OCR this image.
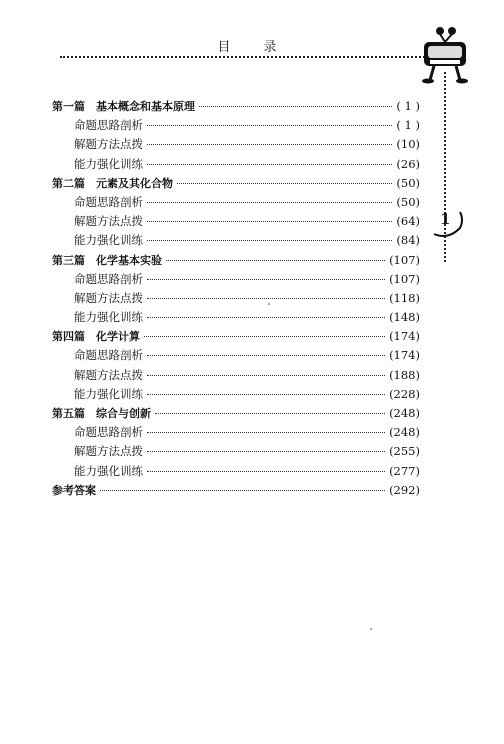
目　录
1
第一篇　基本概念和基本原理	( 1 )
命题思路剖析	( 1 )
解题方法点拨	(10)
能力强化训练	(26)
第二篇　元素及其化合物	(50)
命题思路剖析	(50)
解题方法点拨	(64)
能力强化训练	(84)
第三篇　化学基本实验	(107)
命题思路剖析	(107)
解题方法点拨	(118)
能力强化训练	(148)
第四篇　化学计算	(174)
命题思路剖析	(174)
解题方法点拨	(188)
能力强化训练	(228)
第五篇　综合与创新	(248)
命题思路剖析	(248)
解题方法点拨	(255)
能力强化训练	(277)
参考答案	(292)
